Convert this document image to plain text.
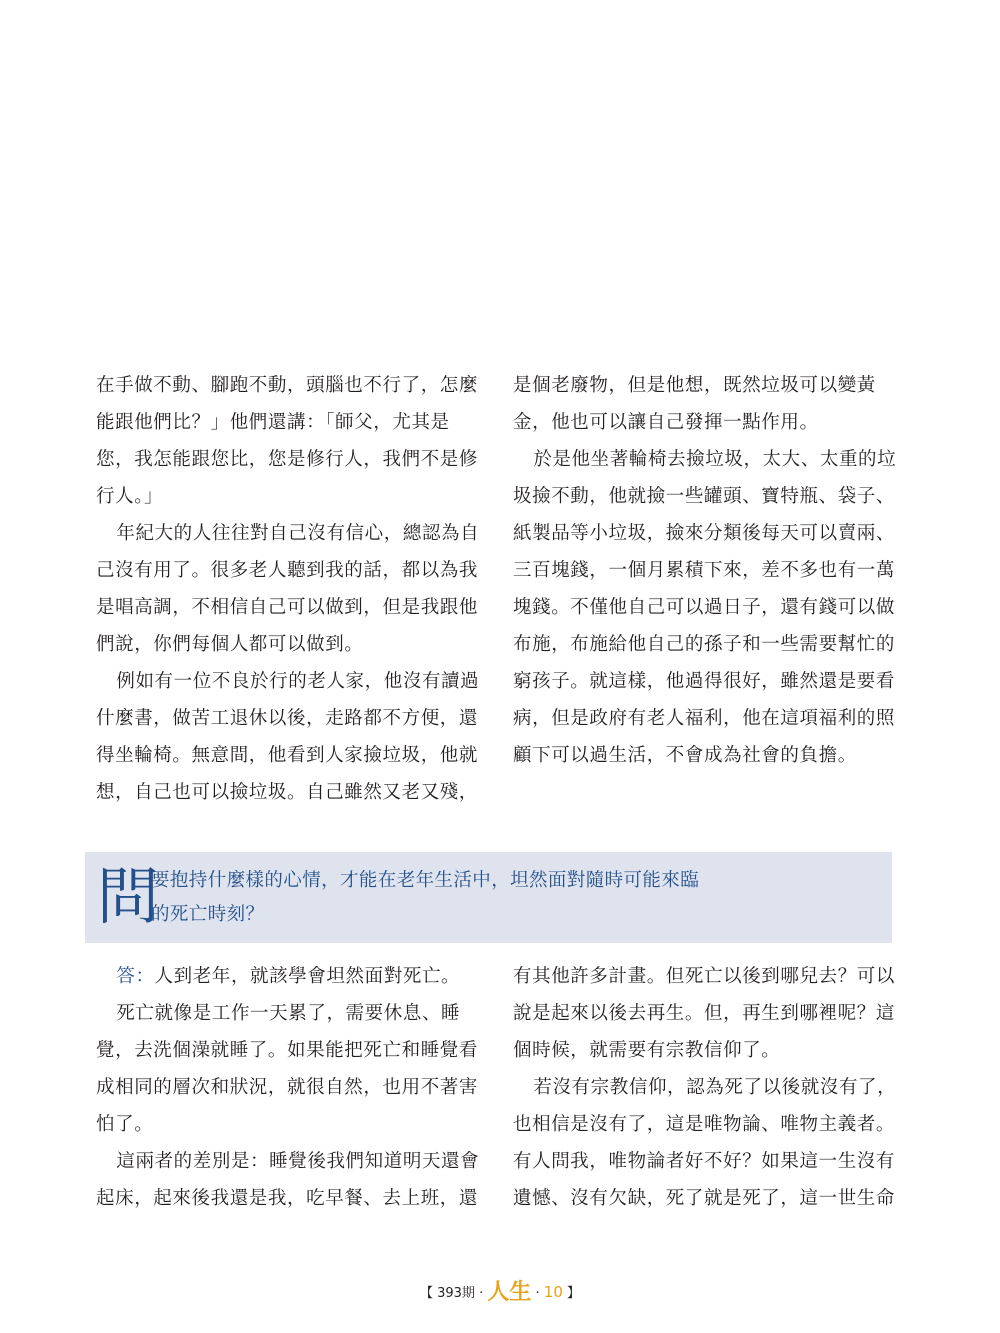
在手做不動、腳跑不動，頭腦也不行了，怎麼能跟他們比？」他們還講：「師父，尤其是您，我怎能跟您比，您是修行人，我們不是修行人。」

年紀大的人往往對自己沒有信心，總認為自己沒有用了。很多老人聽到我的話，都以為我是唱高調，不相信自己可以做到，但是我跟他們說，你們每個人都可以做到。

例如有一位不良於行的老人家，他沒有讀過什麼書，做苦工退休以後，走路都不方便，還得坐輪椅。無意間，他看到人家撿垃圾，他就想，自己也可以撿垃圾。自己雖然又老又殘，

是個老廢物，但是他想，既然垃圾可以變黃金，他也可以讓自己發揮一點作用。

於是他坐著輪椅去撿垃圾，太大、太重的垃圾撿不動，他就撿一些罐頭、寶特瓶、袋子、紙製品等小垃圾，撿來分類後每天可以賣兩、三百塊錢，一個月累積下來，差不多也有一萬塊錢。不僅他自己可以過日子，還有錢可以做布施，布施給他自己的孫子和一些需要幫忙的窮孩子。就這樣，他過得很好，雖然還是要看病，但是政府有老人福利，他在這項福利的照顧下可以過生活，不會成為社會的負擔。

問

要抱持什麼樣的心情，才能在老年生活中，坦然面對隨時可能來臨

的死亡時刻？

答：人到老年，就該學會坦然面對死亡。

死亡就像是工作一天累了，需要休息、睡覺，去洗個澡就睡了。如果能把死亡和睡覺看成相同的層次和狀況，就很自然，也用不著害怕了。

這兩者的差別是：睡覺後我們知道明天還會起床，起來後我還是我，吃早餐、去上班，還

有其他許多計畫。但死亡以後到哪兒去？可以說是起來以後去再生。但，再生到哪裡呢？這個時候，就需要有宗教信仰了。

若沒有宗教信仰，認為死了以後就沒有了，也相信是沒有了，這是唯物論、唯物主義者。有人問我，唯物論者好不好？如果這一生沒有遺憾、沒有欠缺，死了就是死了，這一世生命

【 393期 · 人生 · 10 】
